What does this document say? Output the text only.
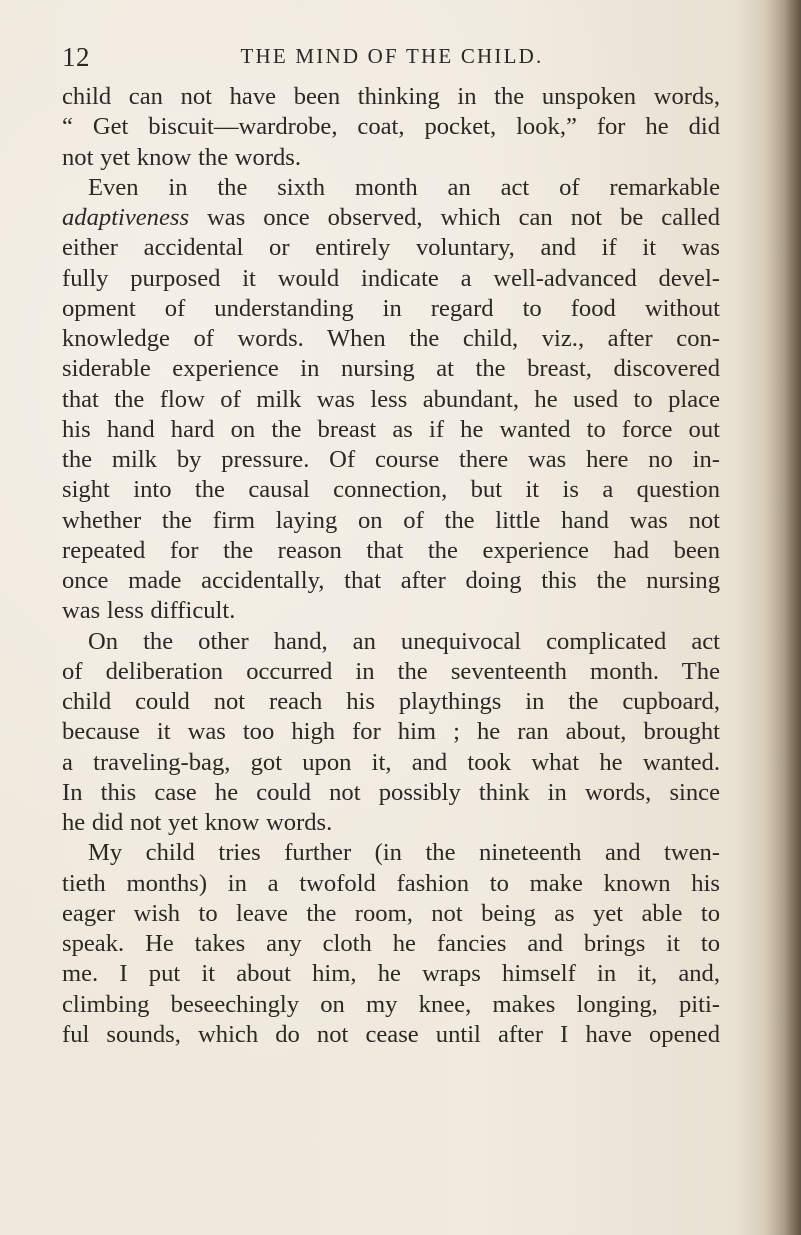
12	THE MIND OF THE CHILD.
child can not have been thinking in the unspoken words,
“ Get biscuit—wardrobe, coat, pocket, look,” for he did
not yet know the words.
Even in the sixth month an act of remarkable
adaptiveness was once observed, which can not be called
either accidental or entirely voluntary, and if it was
fully purposed it would indicate a well-advanced devel-
opment of understanding in regard to food without
knowledge of words. When the child, viz., after con-
siderable experience in nursing at the breast, discovered
that the flow of milk was less abundant, he used to place
his hand hard on the breast as if he wanted to force out
the milk by pressure. Of course there was here no in-
sight into the causal connection, but it is a question
whether the firm laying on of the little hand was not
repeated for the reason that the experience had been
once made accidentally, that after doing this the nursing
was less difficult.
On the other hand, an unequivocal complicated act
of deliberation occurred in the seventeenth month. The
child could not reach his playthings in the cupboard,
because it was too high for him ; he ran about, brought
a traveling-bag, got upon it, and took what he wanted.
In this case he could not possibly think in words, since
he did not yet know words.
My child tries further (in the nineteenth and twen-
tieth months) in a twofold fashion to make known his
eager wish to leave the room, not being as yet able to
speak. He takes any cloth he fancies and brings it to
me. I put it about him, he wraps himself in it, and,
climbing beseechingly on my knee, makes longing, piti-
ful sounds, which do not cease until after I have opened
